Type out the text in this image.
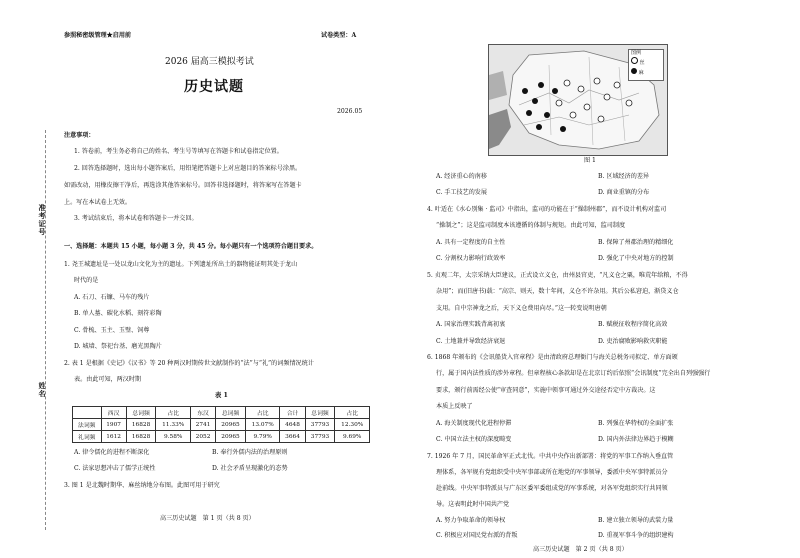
参照秘密级管理★启用前	试卷类型：A
2026 届高三模拟考试
历史试题
2026.05
准考证号
姓名
注意事项：
1. 答卷前，考生务必将自己的姓名、考生号等填写在答题卡和试卷指定位置。
2. 回答选择题时，选出每小题答案后，用铅笔把答题卡上对应题目的答案标号涂黑。
如需改动，用橡皮擦干净后，再选涂其他答案标号。回答非选择题时，将答案写在答题卡
上。写在本试卷上无效。
3. 考试结束后，将本试卷和答题卡一并交回。
一、选择题：本题共 15 小题，每小题 3 分，共 45 分。每小题只有一个选项符合题目要求。
1. 尧王城遗址是一处以龙山文化为主的遗址。下列遗址所出土的器物能证明其处于龙山
时代的是
A. 石刀、石镰、马车的残片
B. 单人墓、碳化水稻、刻符彩陶
C. 骨梳、玉主、玉璧、饲尊
D. 城墙、祭祀台基、磨光黑陶片
2. 表 1 是根据《史记》《汉书》等 20 种两汉时期传世文献制作的“法”与“礼”的词频情况统计
表。由此可知，两汉时期
表 1
	西汉	总词频	占比	东汉	总词频	占比	合计	总词频	占比
法词频	1907	16828	11.33%	2741	20965	13.07%	4648	37793	12.30%
礼词频	1612	16828	9.58%	2052	20965	9.79%	3664	37793	9.69%
A. 律令儒化的进程不断深化	B. 奉行外儒内法的治理原则
C. 法家思想冲击了儒学正统性	D. 社会矛盾呈现激化的态势
3. 图 1 是北魏时期华、麻丝纳地分布图。此图可用于研究
高三历史试题　第 1 页（共 8 页）
图例
丝
麻
图 1
A. 经济重心的南移	B. 区域经济的差异
C. 手工技艺的发展	D. 商业重镇的分布
4. 叶适在《水心别集 · 监司》中指出，监司的功能在于“操制州郡”，而不设计机构对监司
“操制之”；这是监司制度本该遵循的体制与规矩。由此可知，监司制度
A. 具有一定程度的自主性	B. 保障了州郡治理的精细化
C. 分割权力影响行政效率	D. 强化了中央对地方的控制
5. 贞观二年，太宗采纳大臣建议，正式设立义仓，由州县官吏，“凡义仓之粟，唯荒年给粮，不得
杂用”；而(旧唐书)载：“高宗、则天，数十年间，义仓不许杂用。其后公私窘迫，渐贷义仓
支用。自中宗神龙之后，天下义仓费用向尽。”这一转变说明唐朝
A. 国家治理实践背离初衷	B. 赋税征收程序简化高效
C. 土地兼并导致经济衰退	D. 吏治腐败影响救灾职能
6. 1868 年颁布的《会讯船货入官章程》是由清政府总理衙门与海关总税务司拟定、单方面颁
行，属于国内法性质的涉外章程。但章程核心条款却是在北京订约后依照“会讯制度”完全出自列强强行
要求，颁行前需经公使“审查同意”，实施中领事可通过外交途径否定中方裁决。这
本质上反映了
A. 海关制度现代化进程停滞	B. 列强在华特权的全面扩张
C. 中国立法主权的深度畸变	D. 国内外法律边界趋于模糊
7. 1926 年 7 月，国民革命军正式北伐。中共中央作出新部署：将党的军事工作纳入垂直管
理体系，各军规有党组织受中央军事部或所在地党的军事领导，委派中央军事特派员分
赴前线。中央军事特派员与广东区委军委组成党的军事系统，对各军党组织实行共同领
导。这表明此时中国共产党
A. 努力争取革命的领导权	B. 建立独立领导的武装力量
C. 积极应对国民党右派的背叛	D. 重视军事斗争的组织建构
高三历史试题　第 2 页（共 8 页）
